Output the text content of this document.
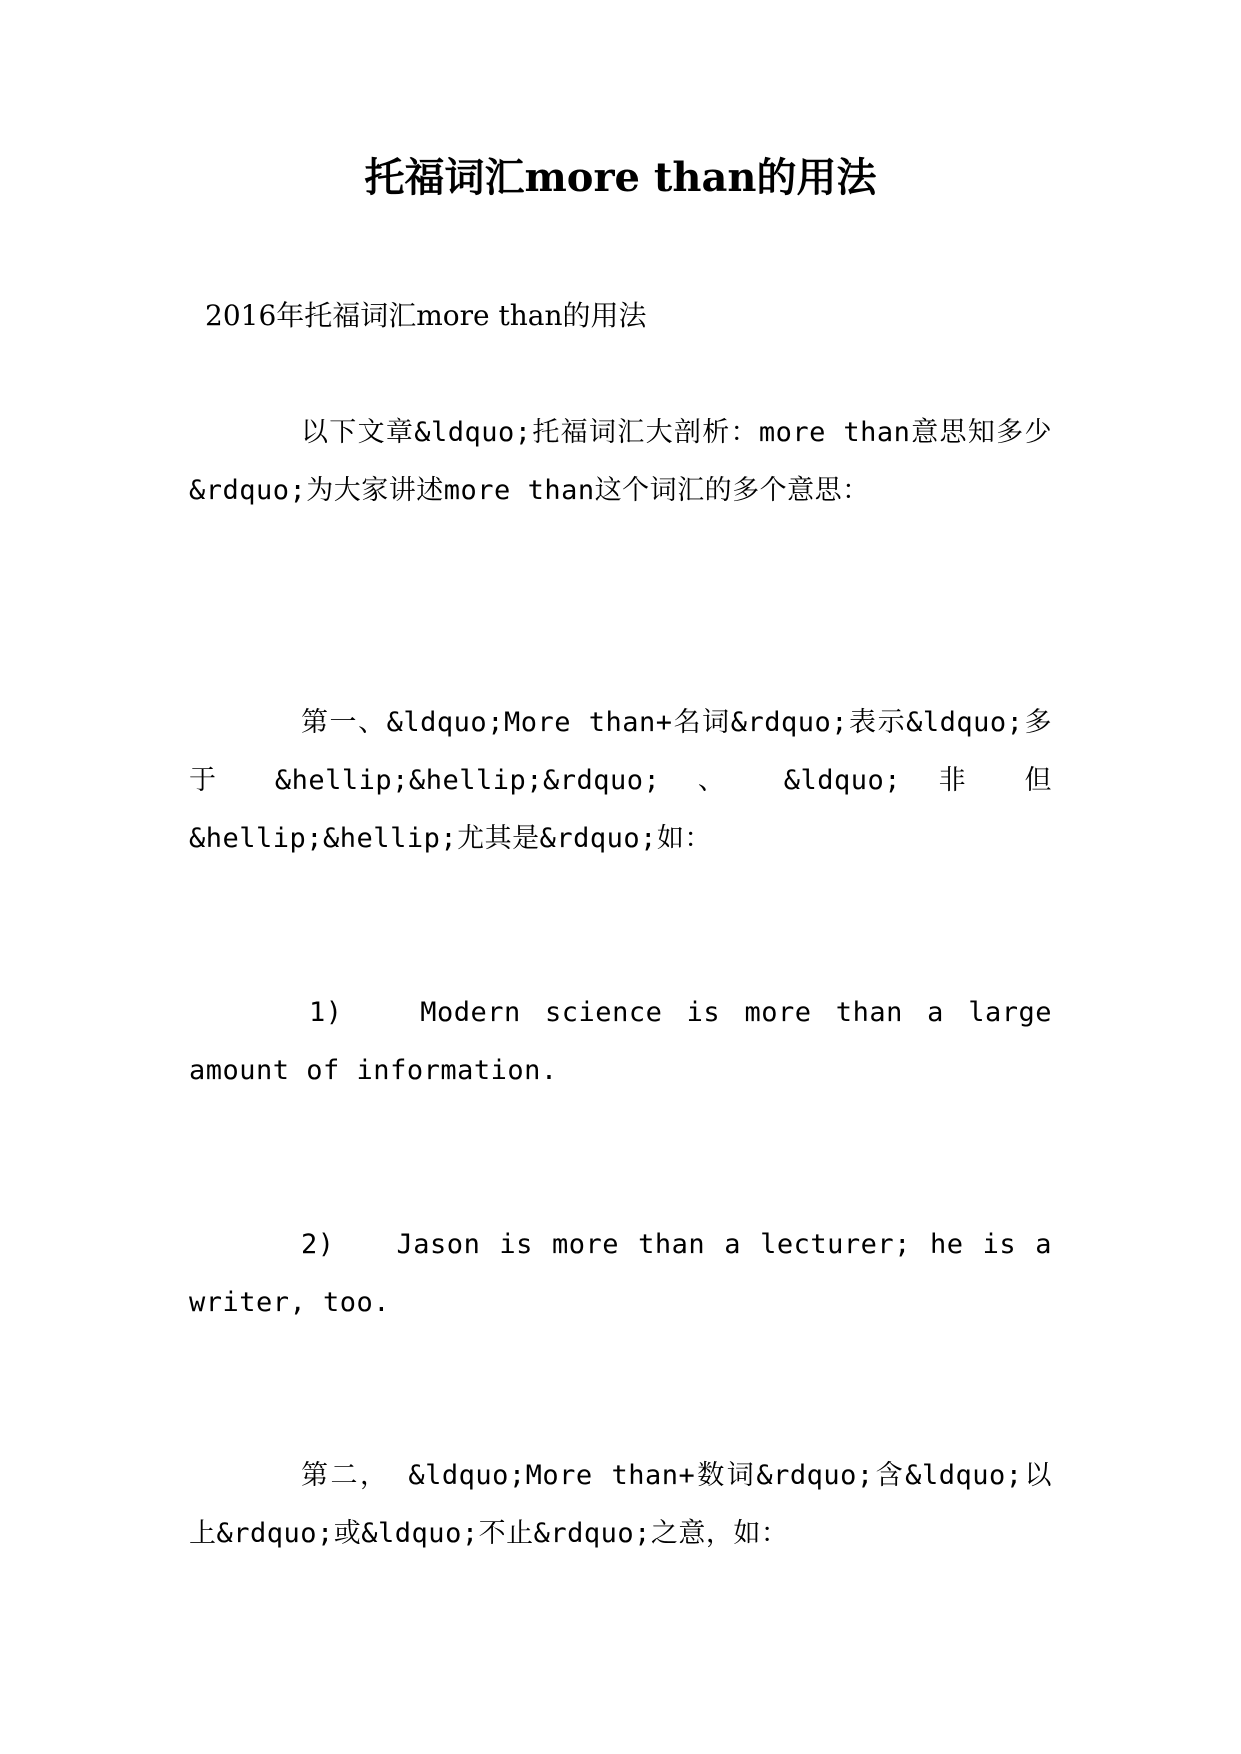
托福词汇more than的用法
2016年托福词汇more than的用法
以下文章&ldquo;托福词汇大剖析：more than意思知多少&rdquo;为大家讲述more than这个词汇的多个意思：
第一、&ldquo;More than+名词&rdquo;表示&ldquo;多 于 &hellip;&hellip;&rdquo; 、 &ldquo; 非 但&hellip;&hellip;尤其是&rdquo;如：
1)　　Modern science is more than a large amount of information.
2)　　Jason is more than a lecturer; he is a writer, too.
第二， &ldquo;More than+数词&rdquo;含&ldquo;以上&rdquo;或&ldquo;不止&rdquo;之意，如：
